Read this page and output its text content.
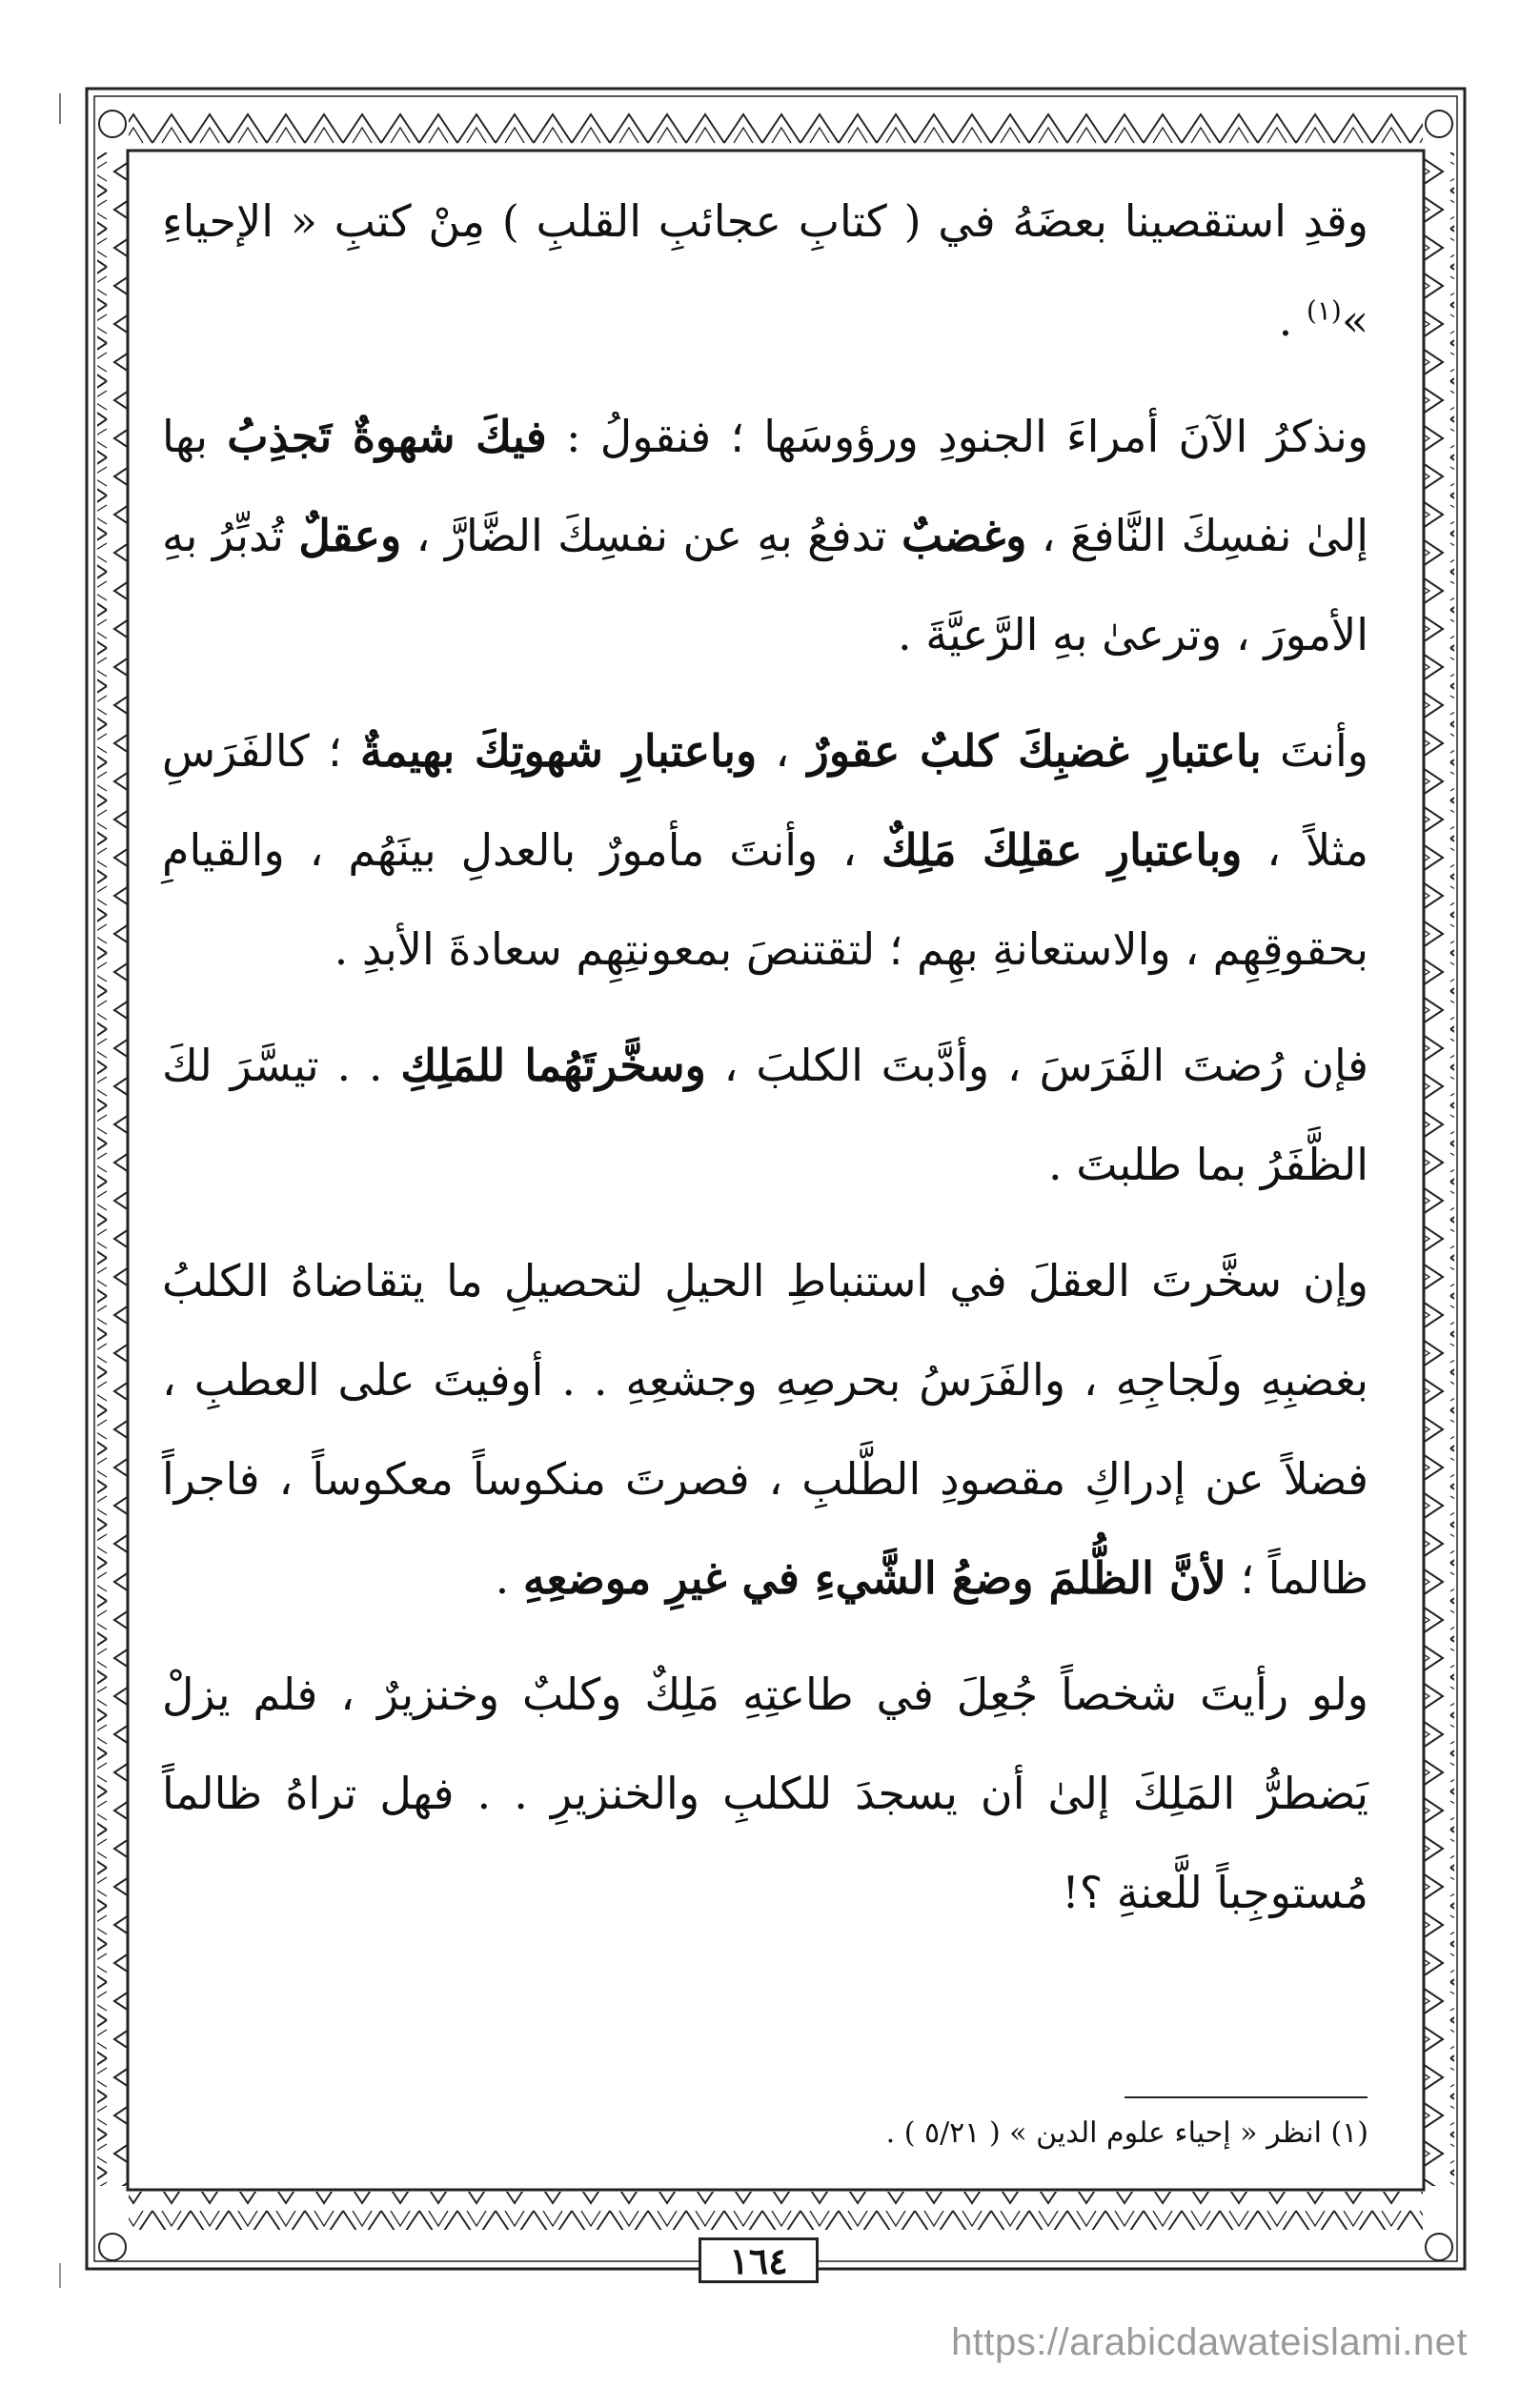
وقدِ استقصينا بعضَهُ في ( كتابِ عجائبِ القلبِ ) مِنْ كتبِ « الإحياءِ »$^{(١)}$ .

ونذكرُ الآنَ أمراءَ الجنودِ ورؤوسَها ؛ فنقولُ : فيكَ شهوةٌ تَجذِبُ بها إلىٰ نفسِكَ النَّافعَ ، وغضبٌ تدفعُ بهِ عن نفسِكَ الضَّارَّ ، وعقلٌ تُدبِّرُ بهِ الأمورَ ، وترعىٰ بهِ الرَّعيَّةَ .

وأنتَ باعتبارِ غضبِكَ كلبٌ عقورٌ ، وباعتبارِ شهوتِكَ بهيمةٌ ؛ كالفَرَسِ مثلاً ، وباعتبارِ عقلِكَ مَلِكٌ ، وأنتَ مأمورٌ بالعدلِ بينَهُم ، والقيامِ بحقوقِهِم ، والاستعانةِ بهِم ؛ لتقتنصَ بمعونتِهِم سعادةَ الأبدِ .

فإن رُضتَ الفَرَسَ ، وأدَّبتَ الكلبَ ، وسخَّرتَهُما للمَلِكِ . . تيسَّرَ لكَ الظَّفَرُ بما طلبتَ .

وإن سخَّرتَ العقلَ في استنباطِ الحيلِ لتحصيلِ ما يتقاضاهُ الكلبُ بغضبِهِ ولَجاجِهِ ، والفَرَسُ بحرصِهِ وجشعِهِ . . أوفيتَ على العطبِ ، فضلاً عن إدراكِ مقصودِ الطَّلبِ ، فصرتَ منكوساً معكوساً ، فاجراً ظالماً ؛ لأنَّ الظُّلمَ وضعُ الشَّيءِ في غيرِ موضعِهِ .

ولو رأيتَ شخصاً جُعِلَ في طاعتِهِ مَلِكٌ وكلبٌ وخنزيرٌ ، فلم يزلْ يَضطرُّ المَلِكَ إلىٰ أن يسجدَ للكلبِ والخنزيرِ . . فهل تراهُ ظالماً مُستوجِباً للَّعنةِ ؟!

(١) انظر « إحياء علوم الدين » ( ٥/٢١ ) .
١٦٤
https://arabicdawateislami.net
